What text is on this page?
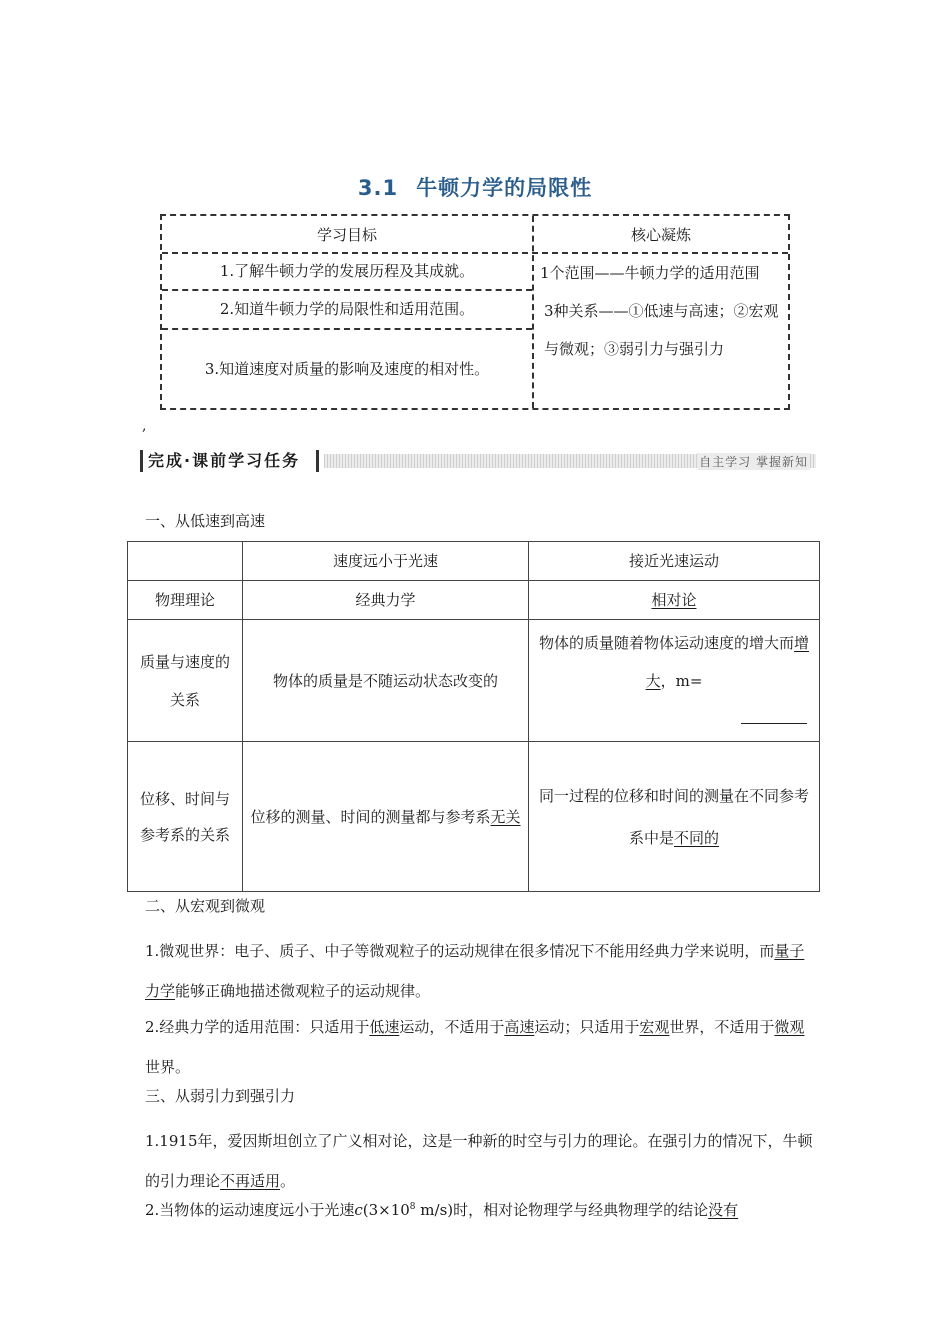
3.1 牛顿力学的局限性
学习目标	核心凝炼
1.了解牛顿力学的发展历程及其成就。
2.知道牛顿力学的局限性和适用范围。
3.知道速度对质量的影响及速度的相对性。
1个范围——牛顿力学的适用范围
3种关系——①低速与高速；②宏观与微观；③弱引力与强引力
,
完成·课前学习任务	自主学习 掌握新知
一、从低速到高速
	速度远小于光速	接近光速运动
物理理论	经典力学	相对论
质量与速度的关系	物体的质量是不随运动状态改变的	物体的质量随着物体运动速度的增大而增大，m=

位移、时间与参考系的关系	位移的测量、时间的测量都与参考系无关	同一过程的位移和时间的测量在不同参考系中是不同的
二、从宏观到微观
1.微观世界：电子、质子、中子等微观粒子的运动规律在很多情况下不能用经典力学来说明，而量子力学能够正确地描述微观粒子的运动规律。
2.经典力学的适用范围：只适用于低速运动，不适用于高速运动；只适用于宏观世界，不适用于微观世界。
三、从弱引力到强引力
1.1915年，爱因斯坦创立了广义相对论，这是一种新的时空与引力的理论。在强引力的情况下，牛顿的引力理论不再适用。
2.当物体的运动速度远小于光速$c(3\times 10^8$ m/s)时，相对论物理学与经典物理学的结论没有
